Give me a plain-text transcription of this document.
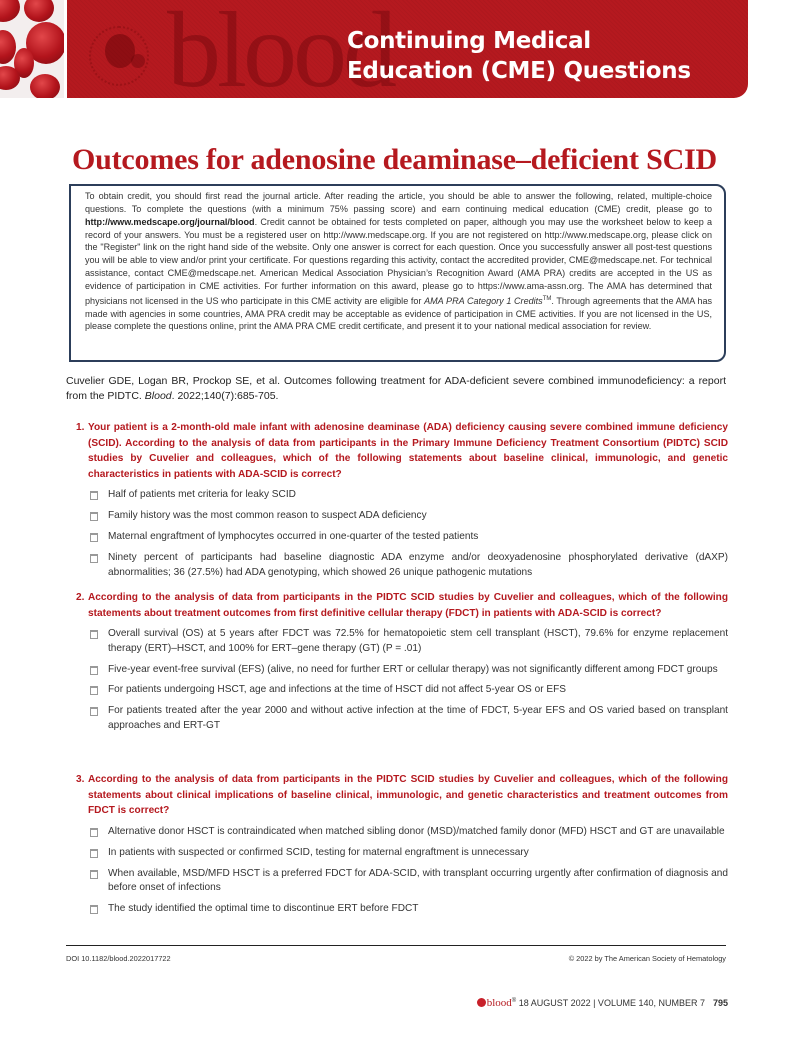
blood
Continuing Medical
Education (CME) Questions
Outcomes for adenosine deaminase–deficient SCID

To obtain credit, you should first read the journal article. After reading the article, you should be able to answer the following, related, multiple-choice questions. To complete the questions (with a minimum 75% passing score) and earn continuing medical education (CME) credit, please go to http://www.medscape.org/journal/blood. Credit cannot be obtained for tests completed on paper, although you may use the worksheet below to keep a record of your answers. You must be a registered user on http://www.medscape.org. If you are not registered on http://www.medscape.org, please click on the "Register" link on the right hand side of the website. Only one answer is correct for each question. Once you successfully answer all post-test questions you will be able to view and/or print your certificate. For questions regarding this activity, contact the accredited provider, CME@medscape.net. For technical assistance, contact CME@medscape.net. American Medical Association Physician’s Recognition Award (AMA PRA) credits are accepted in the US as evidence of participation in CME activities. For further information on this award, please go to https://www.ama-assn.org. The AMA has determined that physicians not licensed in the US who participate in this CME activity are eligible for AMA PRA Category 1 Credits™. Through agreements that the AMA has made with agencies in some countries, AMA PRA credit may be acceptable as evidence of participation in CME activities. If you are not licensed in the US, please complete the questions online, print the AMA PRA CME credit certificate, and present it to your national medical association for review.

Cuvelier GDE, Logan BR, Prockop SE, et al. Outcomes following treatment for ADA-deficient severe combined immunodeficiency: a report from the PIDTC. Blood. 2022;140(7):685-705.

1. Your patient is a 2-month-old male infant with adenosine deaminase (ADA) deficiency causing severe combined immune deficiency (SCID). According to the analysis of data from participants in the Primary Immune Deficiency Treatment Consortium (PIDTC) SCID studies by Cuvelier and colleagues, which of the following statements about baseline clinical, immunologic, and genetic characteristics in patients with ADA-SCID is correct?

Half of patients met criteria for leaky SCID
Family history was the most common reason to suspect ADA deficiency
Maternal engraftment of lymphocytes occurred in one-quarter of the tested patients
Ninety percent of participants had baseline diagnostic ADA enzyme and/or deoxyadenosine phosphorylated derivative (dAXP) abnormalities; 36 (27.5%) had ADA genotyping, which showed 26 unique pathogenic mutations

2. According to the analysis of data from participants in the PIDTC SCID studies by Cuvelier and colleagues, which of the following statements about treatment outcomes from first definitive cellular therapy (FDCT) in patients with ADA-SCID is correct?

Overall survival (OS) at 5 years after FDCT was 72.5% for hematopoietic stem cell transplant (HSCT), 79.6% for enzyme replacement therapy (ERT)–HSCT, and 100% for ERT–gene therapy (GT) (P = .01)
Five-year event-free survival (EFS) (alive, no need for further ERT or cellular therapy) was not significantly different among FDCT groups
For patients undergoing HSCT, age and infections at the time of HSCT did not affect 5-year OS or EFS
For patients treated after the year 2000 and without active infection at the time of FDCT, 5-year EFS and OS varied based on transplant approaches and ERT-GT

3. According to the analysis of data from participants in the PIDTC SCID studies by Cuvelier and colleagues, which of the following statements about clinical implications of baseline clinical, immunologic, and genetic characteristics and treatment outcomes from FDCT is correct?

Alternative donor HSCT is contraindicated when matched sibling donor (MSD)/matched family donor (MFD) HSCT and GT are unavailable
In patients with suspected or confirmed SCID, testing for maternal engraftment is unnecessary
When available, MSD/MFD HSCT is a preferred FDCT for ADA-SCID, with transplant occurring urgently after confirmation of diagnosis and before onset of infections
The study identified the optimal time to discontinue ERT before FDCT
DOI 10.1182/blood.2022017722	© 2022 by The American Society of Hematology
blood® 18 AUGUST 2022 | VOLUME 140, NUMBER 7 795
